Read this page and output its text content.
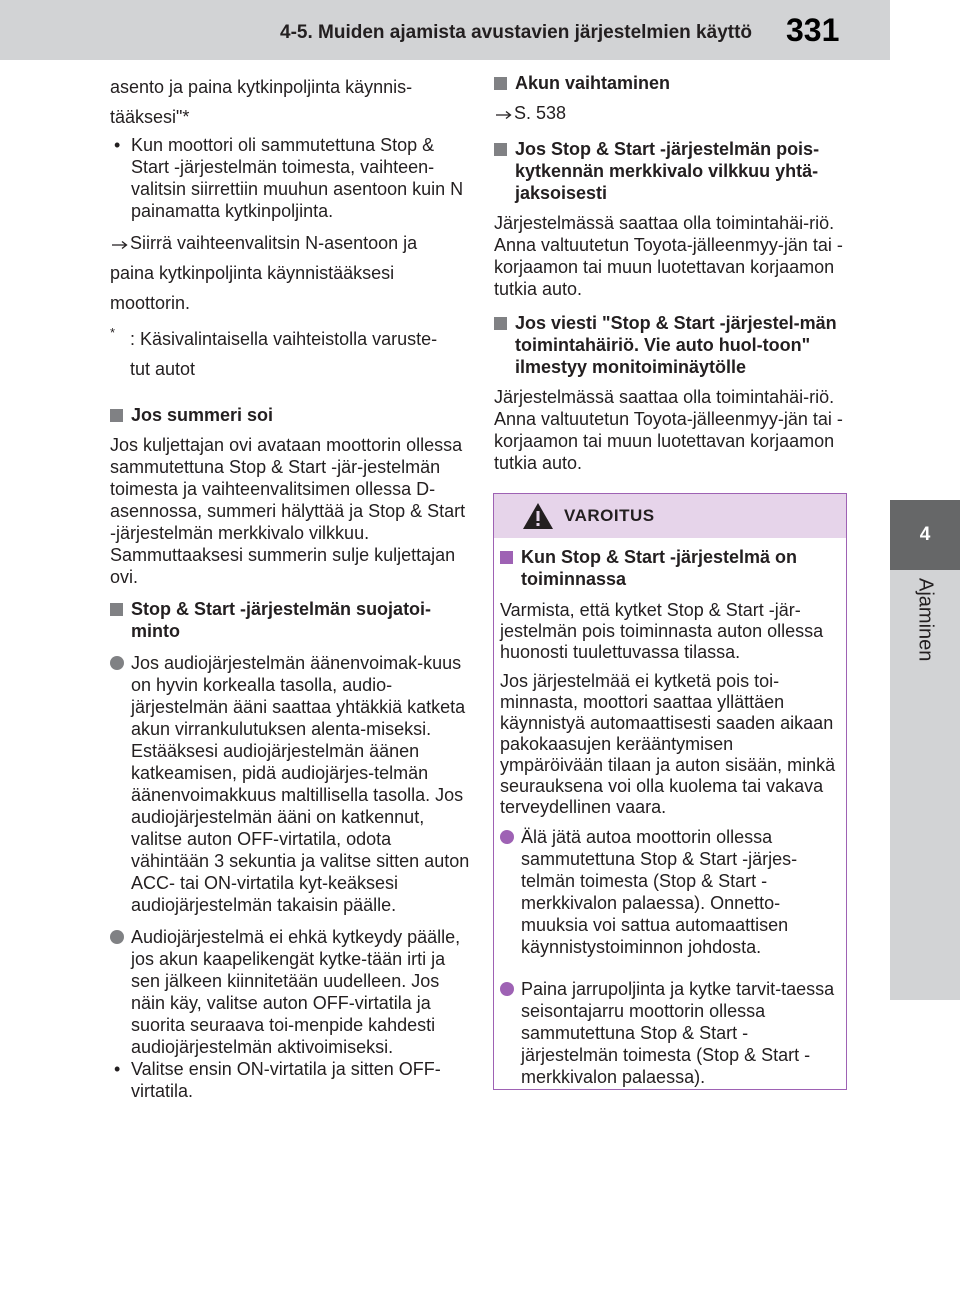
4-5. Muiden ajamista avustavien järjestelmien käyttö 331
4
Ajaminen

asento ja paina kytkinpoljinta käynnis-

tääksesi"*

• Kun moottori oli sammutettuna Stop & Start -järjestelmän toimesta, vaihteen-valitsin siirrettiin muuhun asentoon kuin N painamatta kytkinpoljinta.
Siirrä vaihteenvalitsin N-asentoon ja

paina kytkinpoljinta käynnistääksesi

moottorin.

* : Käsivalintaisella vaihteistolla varuste-
tut autot
Jos summeri soi

Jos kuljettajan ovi avataan moottorin ollessa sammutettuna Stop & Start -jär-jestelmän toimesta ja vaihteenvalitsimen ollessa D-asennossa, summeri hälyttää ja Stop & Start -järjestelmän merkkivalo vilkkuu. Sammuttaaksesi summerin sulje kuljettajan ovi.

Stop & Start -järjestelmän suojatoi-minto
Jos audiojärjestelmän äänenvoimak-kuus on hyvin korkealla tasolla, audio-järjestelmän ääni saattaa yhtäkkiä katketa akun virrankulutuksen alenta-miseksi. Estääksesi audiojärjestelmän äänen katkeamisen, pidä audiojärjes-telmän äänenvoimakkuus maltillisella tasolla. Jos audiojärjestelmän ääni on katkennut, valitse auton OFF-virtatila, odota vähintään 3 sekuntia ja valitse sitten auton ACC- tai ON-virtatila kyt-keäksesi audiojärjestelmän takaisin päälle.
Audiojärjestelmä ei ehkä kytkeydy päälle, jos akun kaapelikengät kytke-tään irti ja sen jälkeen kiinnitetään uudelleen. Jos näin käy, valitse auton OFF-virtatila ja suorita seuraava toi-menpide kahdesti audiojärjestelmän aktivoimiseksi.
• Valitse ensin ON-virtatila ja sitten OFF-virtatila.
Akun vaihtaminen
S. 538
Jos Stop & Start -järjestelmän pois-kytkennän merkkivalo vilkkuu yhtä-jaksoisesti

Järjestelmässä saattaa olla toimintahäi-riö. Anna valtuutetun Toyota-jälleenmyy-jän tai -korjaamon tai muun luotettavan korjaamon tutkia auto.

Jos viesti "Stop & Start -järjestel-män toimintahäiriö. Vie auto huol-toon" ilmestyy monitoiminäytölle

Järjestelmässä saattaa olla toimintahäi-riö. Anna valtuutetun Toyota-jälleenmyy-jän tai -korjaamon tai muun luotettavan korjaamon tutkia auto.

VAROITUS
Kun Stop & Start -järjestelmä on toiminnassa

Varmista, että kytket Stop & Start -jär-jestelmän pois toiminnasta auton ollessa huonosti tuulettuvassa tilassa.

Jos järjestelmää ei kytketä pois toi-minnasta, moottori saattaa yllättäen käynnistyä automaattisesti saaden aikaan pakokaasujen kerääntymisen ympäröivään tilaan ja auton sisään, minkä seurauksena voi olla kuolema tai vakava terveydellinen vaara.

Älä jätä autoa moottorin ollessa sammutettuna Stop & Start -järjes-telmän toimesta (Stop & Start -merkkivalon palaessa). Onnetto-muuksia voi sattua automaattisen käynnistystoiminnon johdosta.
Paina jarrupoljinta ja kytke tarvit-taessa seisontajarru moottorin ollessa sammutettuna Stop & Start -järjestelmän toimesta (Stop & Start -merkkivalon palaessa).
